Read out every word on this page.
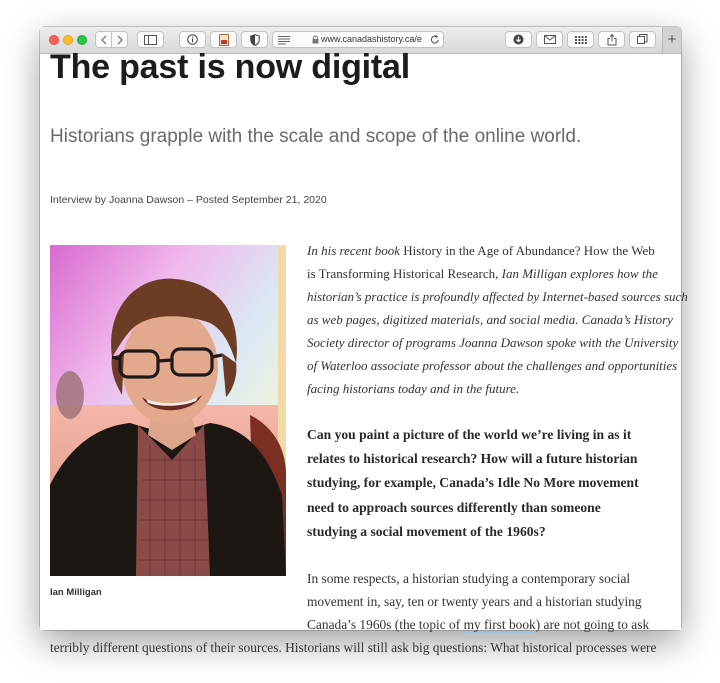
www.canadashistory.ca/e	+
The past is now digital
Historians grapple with the scale and scope of the online world.
Interview by Joanna Dawson – Posted September 21, 2020
Ian Milligan

In his recent book History in the Age of Abundance? How the Web

is Transforming Historical Research, Ian Milligan explores how the

historian’s practice is profoundly affected by Internet-based sources such

as web pages, digitized materials, and social media. Canada’s History

Society director of programs Joanna Dawson spoke with the University

of Waterloo associate professor about the challenges and opportunities

facing historians today and in the future.

Can you paint a picture of the world we’re living in as it

relates to historical research? How will a future historian

studying, for example, Canada’s Idle No More movement

need to approach sources differently than someone

studying a social movement of the 1960s?

In some respects, a historian studying a contemporary social

movement in, say, ten or twenty years and a historian studying

Canada’s 1960s (the topic of my first book) are not going to ask

terribly different questions of their sources. Historians will still ask big questions: What historical processes were
